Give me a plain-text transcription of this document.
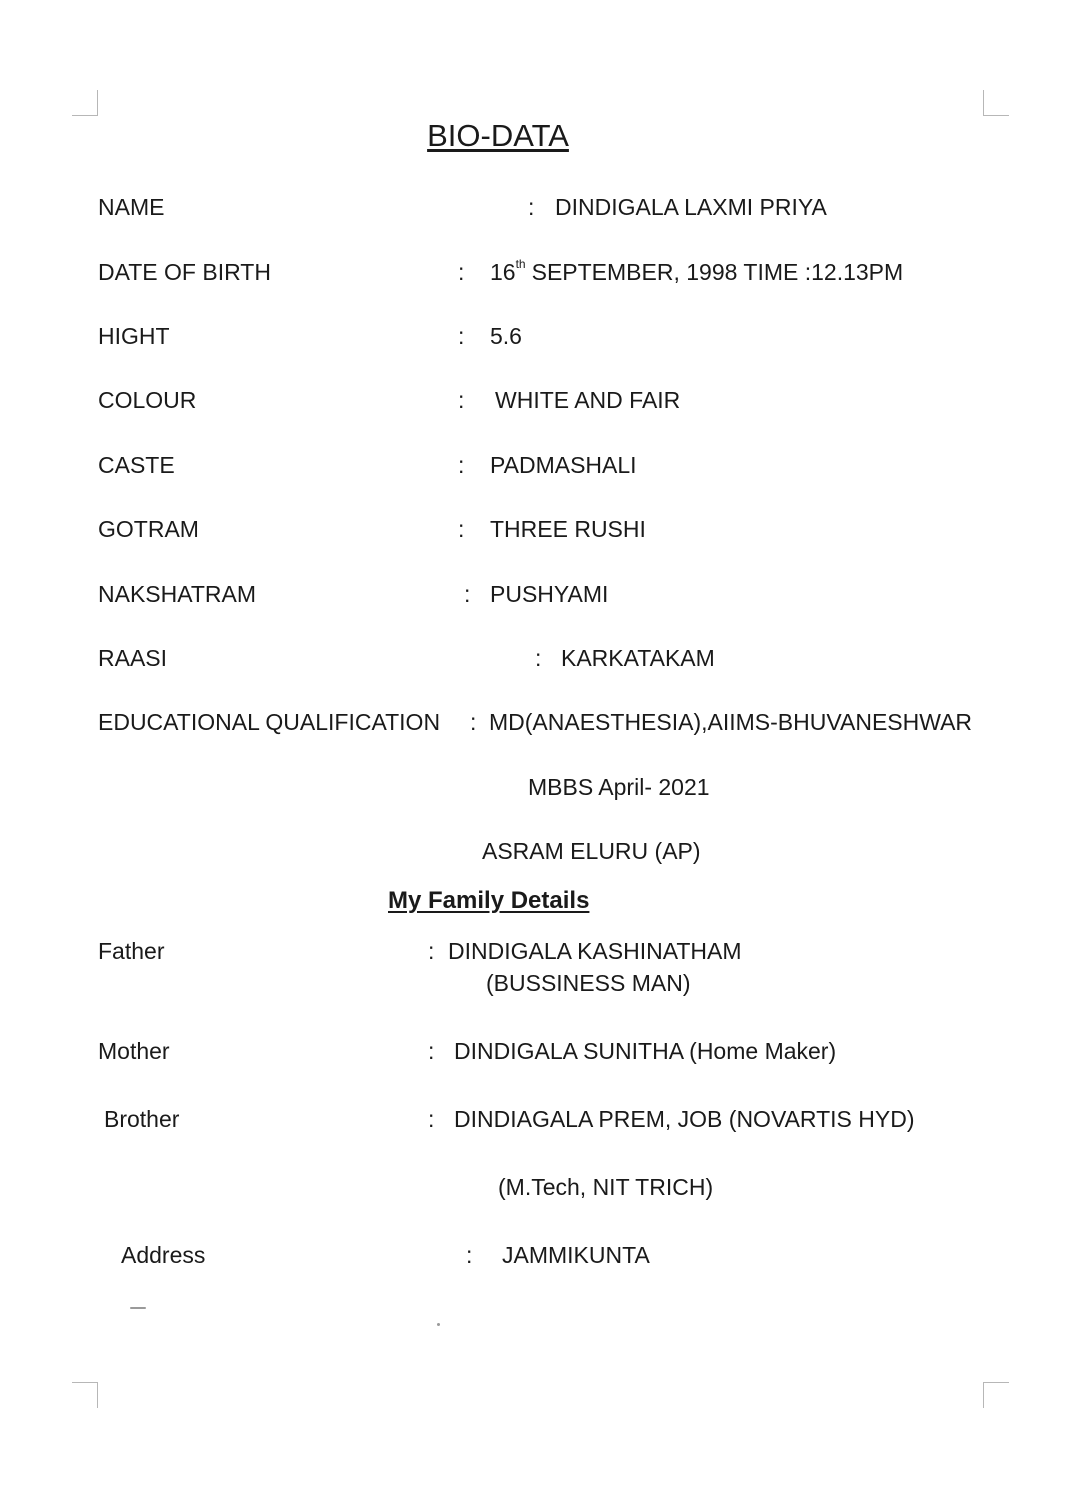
BIO-DATA
NAME	: DINDIGALA LAXMI PRIYA
DATE OF BIRTH	: 16th SEPTEMBER, 1998 TIME :12.13PM
HIGHT	: 5.6
COLOUR	: WHITE AND FAIR
CASTE	: PADMASHALI
GOTRAM	: THREE RUSHI
NAKSHATRAM	: PUSHYAMI
RAASI	: KARKATAKAM
EDUCATIONAL QUALIFICATION : MD(ANAESTHESIA),AIIMS-BHUVANESHWAR
MBBS April- 2021
ASRAM ELURU (AP)
My Family Details
Father	: DINDIGALA KASHINATHAM
(BUSSINESS MAN)
Mother	: DINDIGALA SUNITHA (Home Maker)
Brother	: DINDIAGALA PREM, JOB (NOVARTIS HYD)
(M.Tech, NIT TRICH)
Address	: JAMMIKUNTA
